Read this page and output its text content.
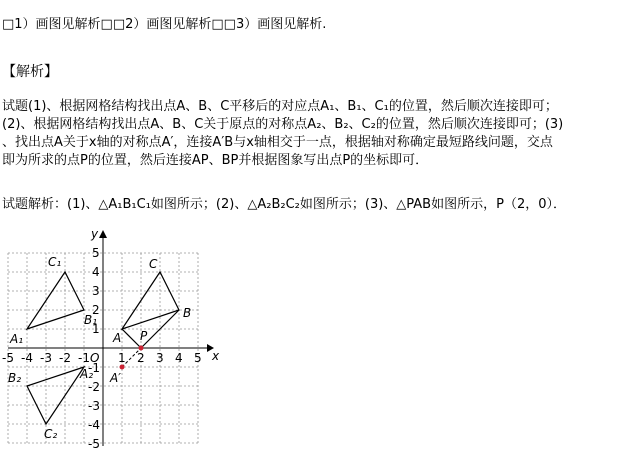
□1）画图见解析□□2）画图见解析□□3）画图见解析.
【解析】
试题(1)、根据网格结构找出点A、B、C平移后的对应点A₁、B₁、C₁的位置，然后顺次连接即可；
(2)、根据网格结构找出点A、B、C关于原点的对称点A₂、B₂、C₂的位置，然后顺次连接即可；(3)
、找出点A关于x轴的对称点A′，连接A′B与x轴相交于一点，根据轴对称确定最短路线问题，交点
即为所求的点P的位置，然后连接AP、BP并根据图象写出点P的坐标即可．
试题解析：(1)、△A₁B₁C₁如图所示；(2)、△A₂B₂C₂如图所示；(3)、△PAB如图所示，P（2，0）．
x
y
O
-5 -4 -3 -2 -1 1 2 3 4 5
5
4
3
2
1
-1
-2
-3
-4
-5
A
B
C
A₁
B₁
C₁
A₂
B₂
C₂
A′
P
